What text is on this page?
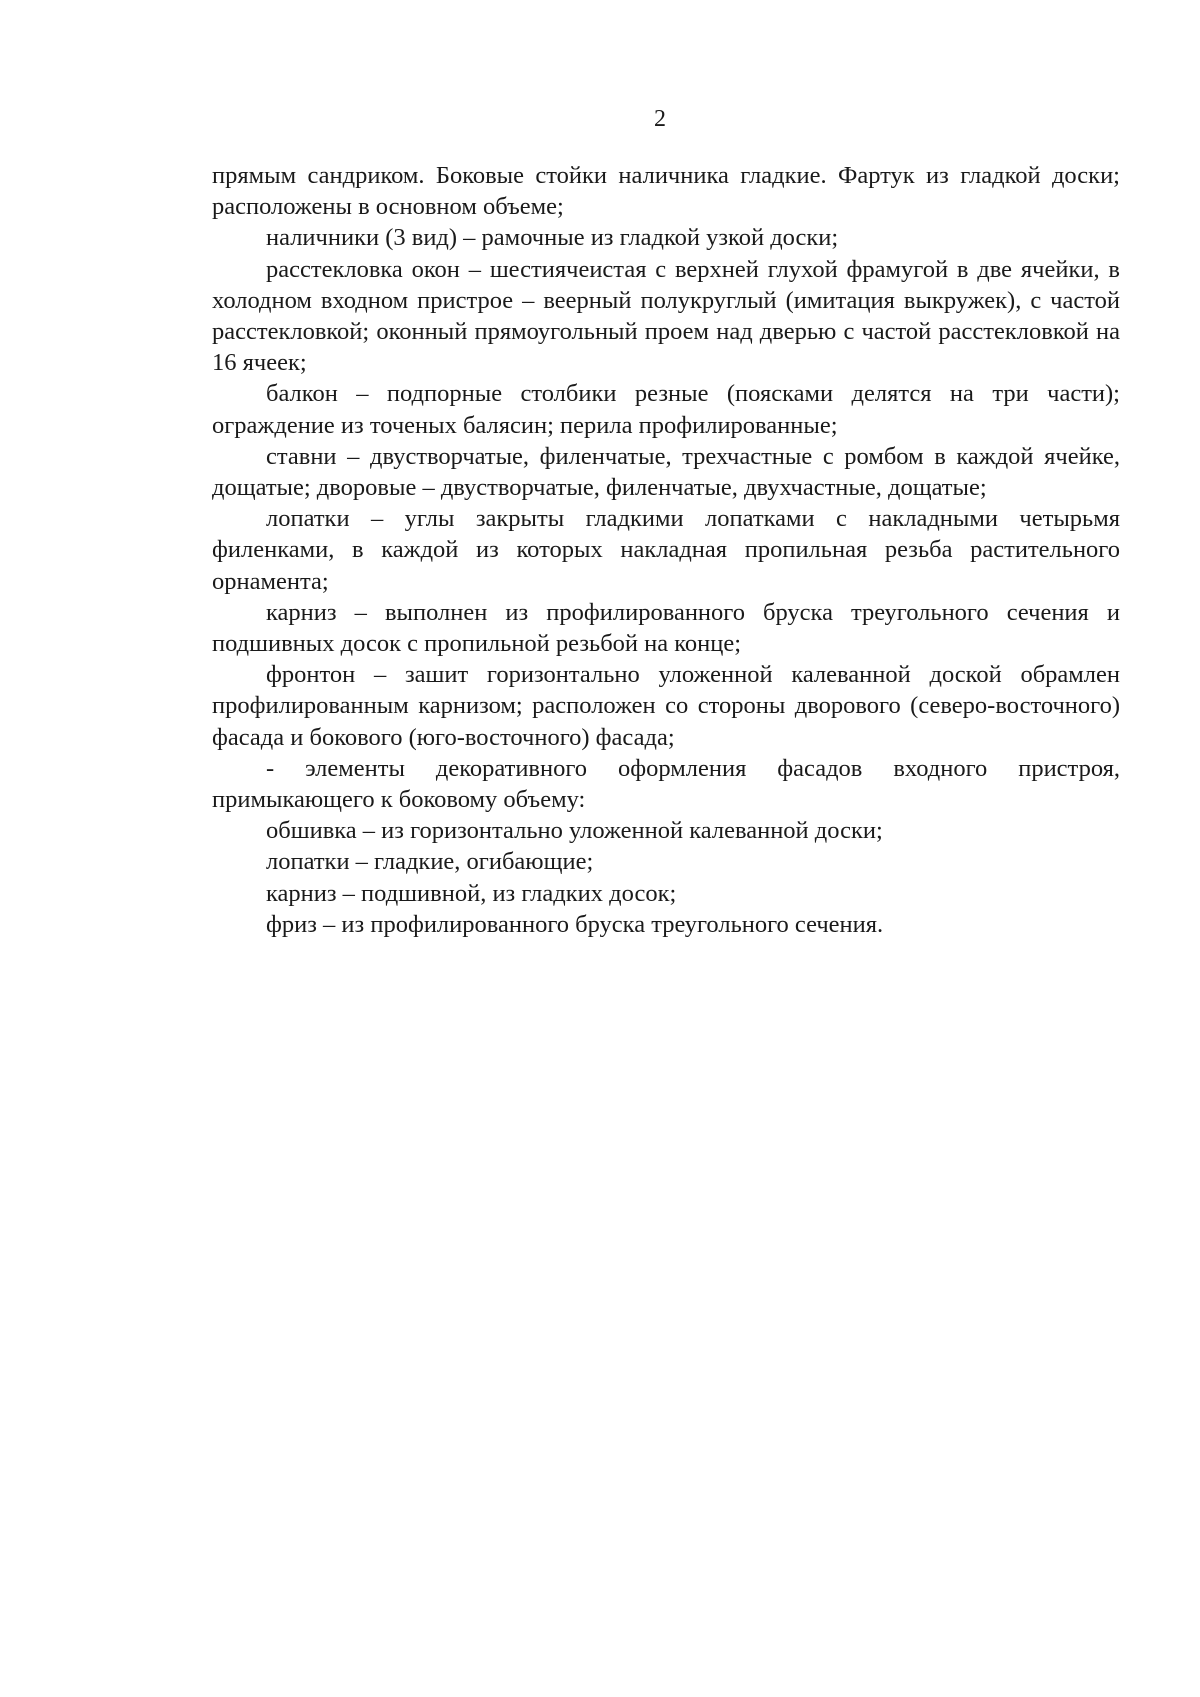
2

прямым сандриком. Боковые стойки наличника гладкие. Фартук из гладкой доски; расположены в основном объеме;

наличники (3 вид) – рамочные из гладкой узкой доски;

расстекловка окон – шестиячеистая с верхней глухой фрамугой в две ячейки, в холодном входном пристрое – веерный полукруглый (имитация выкружек), с частой расстекловкой; оконный прямоугольный проем над дверью с частой расстекловкой на 16 ячеек;

балкон – подпорные столбики резные (поясками делятся на три части); ограждение из точеных балясин; перила профилированные;

ставни – двустворчатые, филенчатые, трехчастные с ромбом в каждой ячейке, дощатые; дворовые – двустворчатые, филенчатые, двухчастные, дощатые;

лопатки – углы закрыты гладкими лопатками с накладными четырьмя филенками, в каждой из которых накладная пропильная резьба растительного орнамента;

карниз – выполнен из профилированного бруска треугольного сечения и подшивных досок с пропильной резьбой на конце;

фронтон – зашит горизонтально уложенной калеванной доской обрамлен профилированным карнизом; расположен со стороны дворового (северо-восточного) фасада и бокового (юго-восточного) фасада;

- элементы декоративного оформления фасадов входного пристроя, примыкающего к боковому объему:

обшивка – из горизонтально уложенной калеванной доски;

лопатки – гладкие, огибающие;

карниз – подшивной, из гладких досок;

фриз – из профилированного бруска треугольного сечения.
